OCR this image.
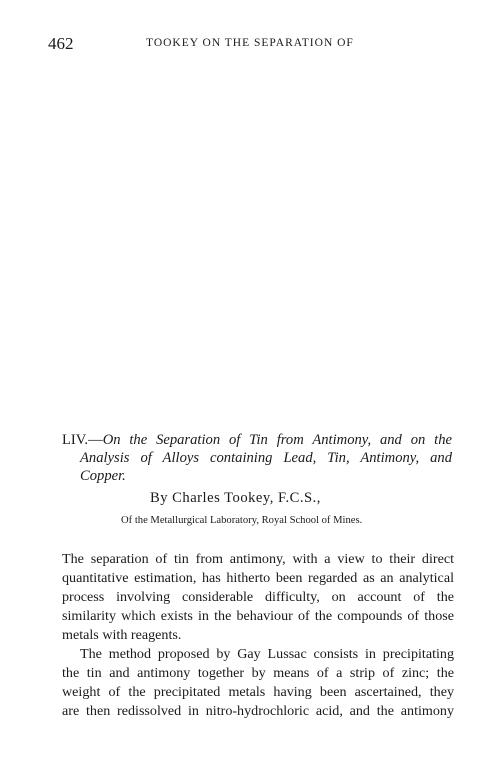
462	TOOKEY ON THE SEPARATION OF
LIV.—On the Separation of Tin from Antimony, and on the
Analysis of Alloys containing Lead, Tin, Antimony, and
Copper.
By Charles Tookey, F.C.S.,
Of the Metallurgical Laboratory, Royal School of Mines.
The separation of tin from antimony, with a view to their direct
quantitative estimation, has hitherto been regarded as an analytical
process involving considerable difficulty, on account of the
similarity which exists in the behaviour of the compounds of those
metals with reagents.
The method proposed by Gay Lussac consists in precipitating
the tin and antimony together by means of a strip of zinc; the
weight of the precipitated metals having been ascertained, they
are then redissolved in nitro-hydrochloric acid, and the antimony
